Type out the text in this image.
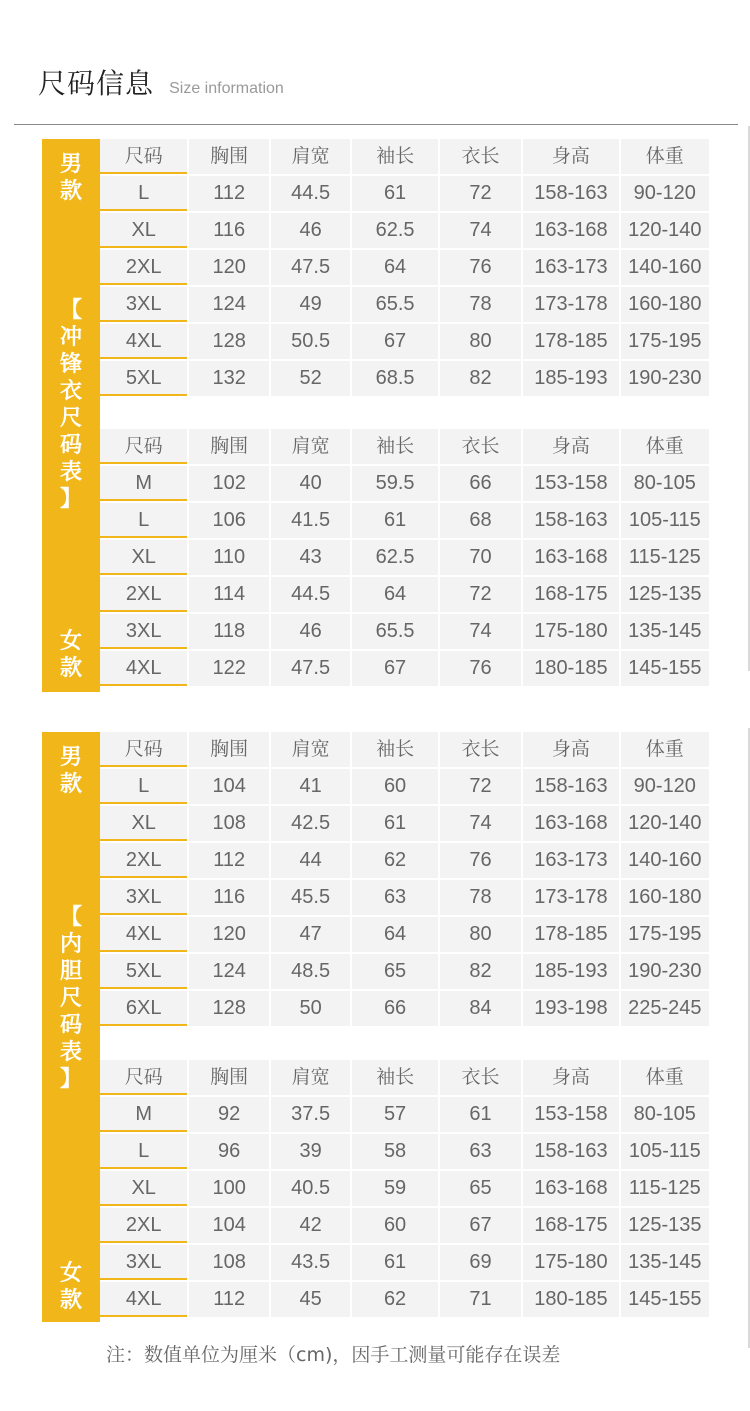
尺码信息 Size information
男
款
【
冲
锋
衣
尺
码
表
】
女
款
尺码	胸围	肩宽	袖长	衣长	身高	体重
L	112	44.5	61	72	158-163	90-120
XL	116	46	62.5	74	163-168	120-140
2XL	120	47.5	64	76	163-173	140-160
3XL	124	49	65.5	78	173-178	160-180
4XL	128	50.5	67	80	178-185	175-195
5XL	132	52	68.5	82	185-193	190-230
尺码	胸围	肩宽	袖长	衣长	身高	体重
M	102	40	59.5	66	153-158	80-105
L	106	41.5	61	68	158-163	105-115
XL	110	43	62.5	70	163-168	115-125
2XL	114	44.5	64	72	168-175	125-135
3XL	118	46	65.5	74	175-180	135-145
4XL	122	47.5	67	76	180-185	145-155
男
款
【
内
胆
尺
码
表
】
女
款
尺码	胸围	肩宽	袖长	衣长	身高	体重
L	104	41	60	72	158-163	90-120
XL	108	42.5	61	74	163-168	120-140
2XL	112	44	62	76	163-173	140-160
3XL	116	45.5	63	78	173-178	160-180
4XL	120	47	64	80	178-185	175-195
5XL	124	48.5	65	82	185-193	190-230
6XL	128	50	66	84	193-198	225-245
尺码	胸围	肩宽	袖长	衣长	身高	体重
M	92	37.5	57	61	153-158	80-105
L	96	39	58	63	158-163	105-115
XL	100	40.5	59	65	163-168	115-125
2XL	104	42	60	67	168-175	125-135
3XL	108	43.5	61	69	175-180	135-145
4XL	112	45	62	71	180-185	145-155
注：数值单位为厘米（cm)，因手工测量可能存在误差
